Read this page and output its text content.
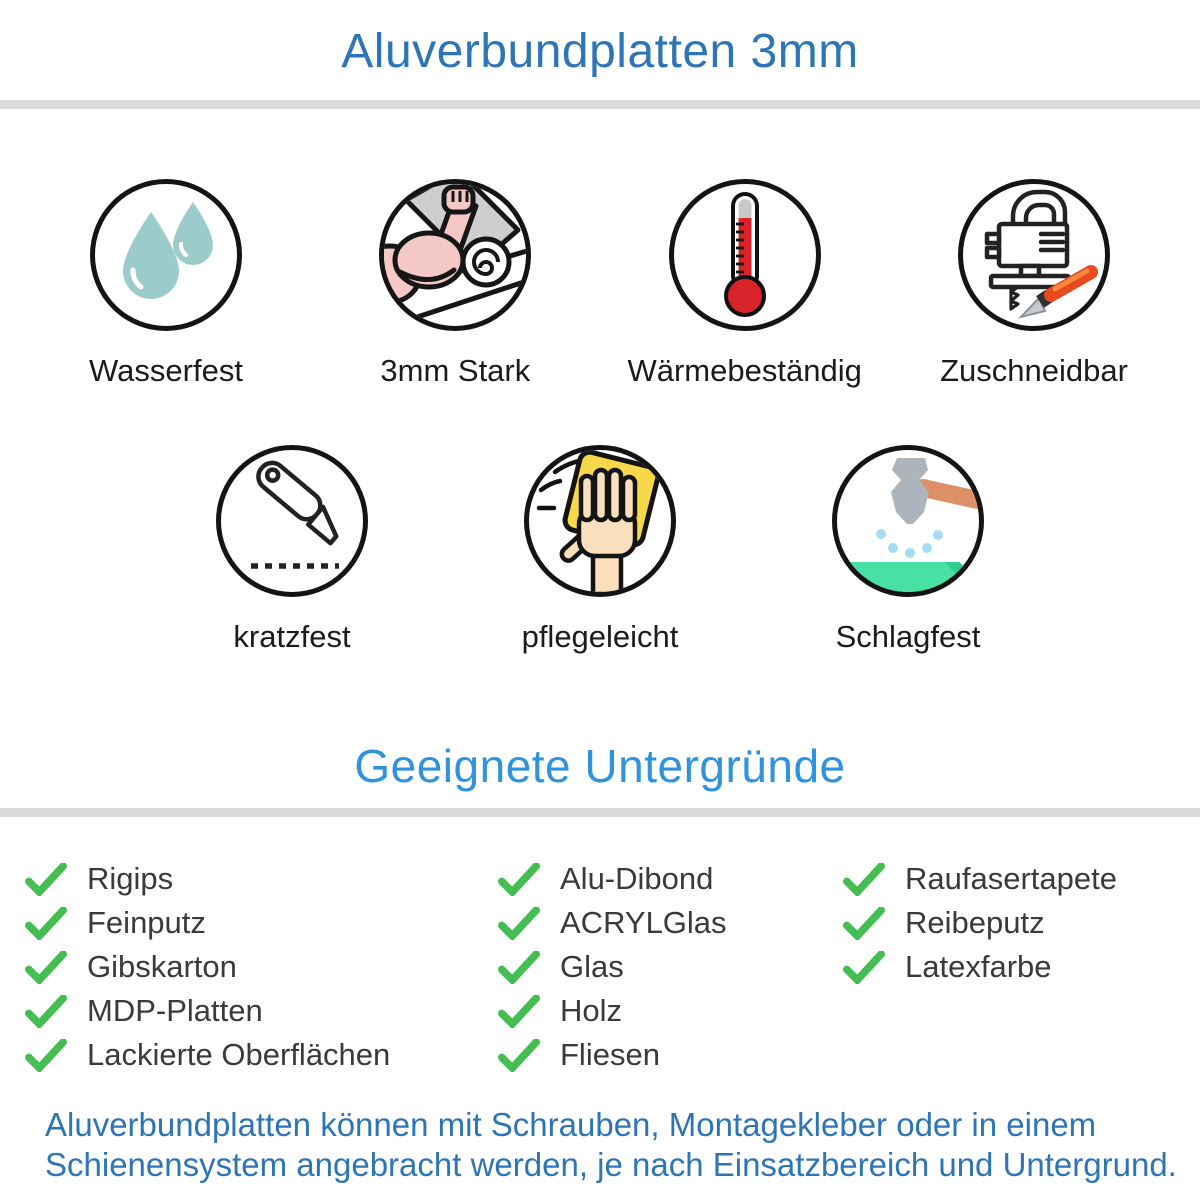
Aluverbundplatten 3mm
Wasserfest	3mm Stark	Wärmebeständig	Zuschneidbar
kratzfest	pflegeleicht	Schlagfest
Geeignete Untergründe
Rigips
Feinputz
Gibskarton
MDP-Platten
Lackierte Oberflächen
Alu-Dibond
ACRYLGlas
Glas
Holz
Fliesen
Raufasertapete
Reibeputz
Latexfarbe

Aluverbundplatten können mit Schrauben, Montagekleber oder in einem
Schienensystem angebracht werden, je nach Einsatzbereich und Untergrund.
